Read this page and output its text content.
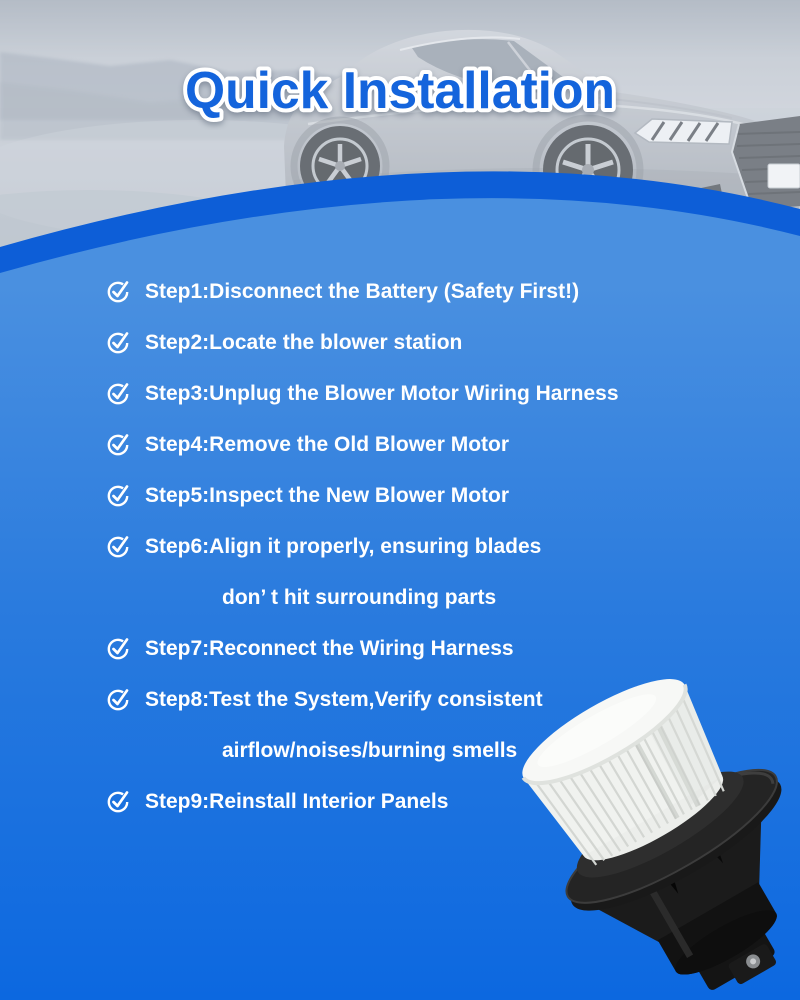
Quick Installation
Step1:Disconnect the Battery (Safety First!)
Step2:Locate the blower station
Step3:Unplug the Blower Motor Wiring Harness
Step4:Remove the Old Blower Motor
Step5:Inspect the New Blower Motor
Step6:Align it properly, ensuring blades
don’ t hit surrounding parts
Step7:Reconnect the Wiring Harness
Step8:Test the System,Verify consistent
airflow/noises/burning smells
Step9:Reinstall Interior Panels
